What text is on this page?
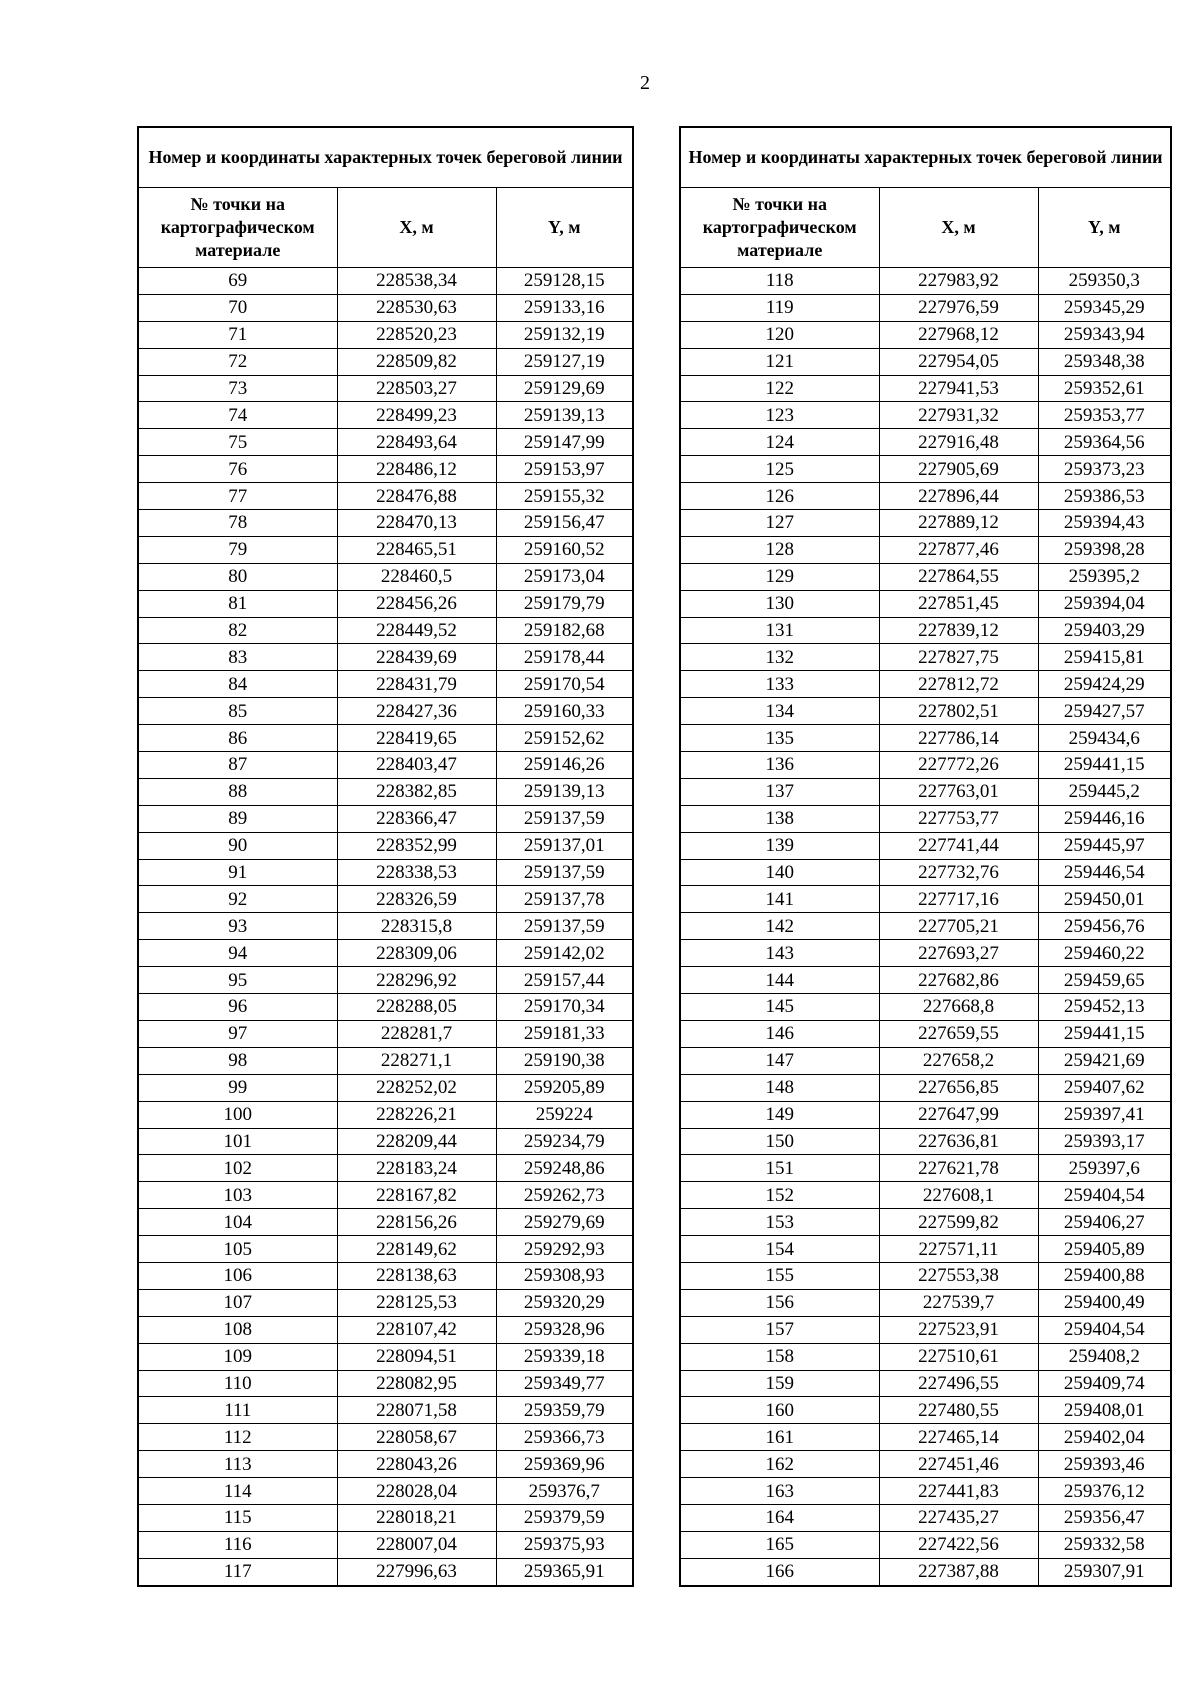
2
Номер и координаты характерных точек береговой линии		
№ точки на картографическом материале	X, м	Y, м
69	228538,34	259128,15
70	228530,63	259133,16
71	228520,23	259132,19
72	228509,82	259127,19
73	228503,27	259129,69
74	228499,23	259139,13
75	228493,64	259147,99
76	228486,12	259153,97
77	228476,88	259155,32
78	228470,13	259156,47
79	228465,51	259160,52
80	228460,5	259173,04
81	228456,26	259179,79
82	228449,52	259182,68
83	228439,69	259178,44
84	228431,79	259170,54
85	228427,36	259160,33
86	228419,65	259152,62
87	228403,47	259146,26
88	228382,85	259139,13
89	228366,47	259137,59
90	228352,99	259137,01
91	228338,53	259137,59
92	228326,59	259137,78
93	228315,8	259137,59
94	228309,06	259142,02
95	228296,92	259157,44
96	228288,05	259170,34
97	228281,7	259181,33
98	228271,1	259190,38
99	228252,02	259205,89
100	228226,21	259224
101	228209,44	259234,79
102	228183,24	259248,86
103	228167,82	259262,73
104	228156,26	259279,69
105	228149,62	259292,93
106	228138,63	259308,93
107	228125,53	259320,29
108	228107,42	259328,96
109	228094,51	259339,18
110	228082,95	259349,77
111	228071,58	259359,79
112	228058,67	259366,73
113	228043,26	259369,96
114	228028,04	259376,7
115	228018,21	259379,59
116	228007,04	259375,93
117	227996,63	259365,91
Номер и координаты характерных точек береговой линии		
№ точки на картографическом материале	X, м	Y, м
118	227983,92	259350,3
119	227976,59	259345,29
120	227968,12	259343,94
121	227954,05	259348,38
122	227941,53	259352,61
123	227931,32	259353,77
124	227916,48	259364,56
125	227905,69	259373,23
126	227896,44	259386,53
127	227889,12	259394,43
128	227877,46	259398,28
129	227864,55	259395,2
130	227851,45	259394,04
131	227839,12	259403,29
132	227827,75	259415,81
133	227812,72	259424,29
134	227802,51	259427,57
135	227786,14	259434,6
136	227772,26	259441,15
137	227763,01	259445,2
138	227753,77	259446,16
139	227741,44	259445,97
140	227732,76	259446,54
141	227717,16	259450,01
142	227705,21	259456,76
143	227693,27	259460,22
144	227682,86	259459,65
145	227668,8	259452,13
146	227659,55	259441,15
147	227658,2	259421,69
148	227656,85	259407,62
149	227647,99	259397,41
150	227636,81	259393,17
151	227621,78	259397,6
152	227608,1	259404,54
153	227599,82	259406,27
154	227571,11	259405,89
155	227553,38	259400,88
156	227539,7	259400,49
157	227523,91	259404,54
158	227510,61	259408,2
159	227496,55	259409,74
160	227480,55	259408,01
161	227465,14	259402,04
162	227451,46	259393,46
163	227441,83	259376,12
164	227435,27	259356,47
165	227422,56	259332,58
166	227387,88	259307,91
